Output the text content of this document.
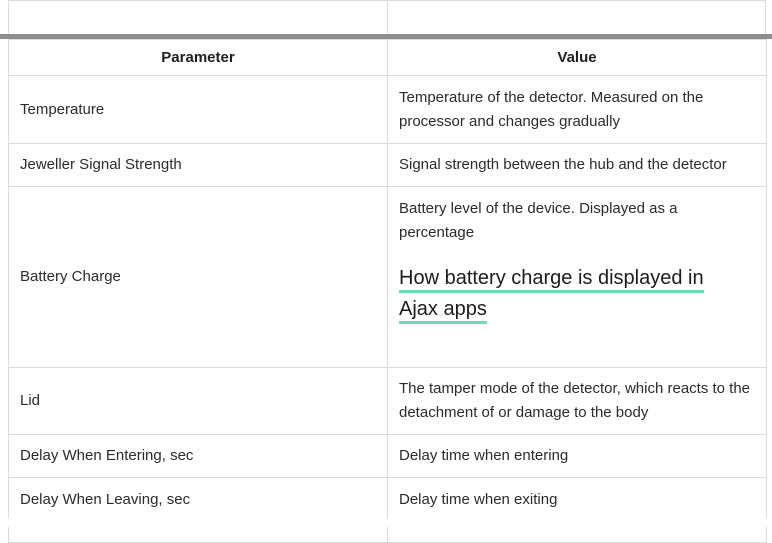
Parameter	Value
Temperature	Temperature of the detector. Measured on the processor and changes gradually
Jeweller Signal Strength	Signal strength between the hub and the detector
Battery Charge	Battery level of the device. Displayed as a percentage
How battery charge is displayed in
Ajax apps

Lid	The tamper mode of the detector, which reacts to the detachment of or damage to the body
Delay When Entering, sec	Delay time when entering
Delay When Leaving, sec	Delay time when exiting
